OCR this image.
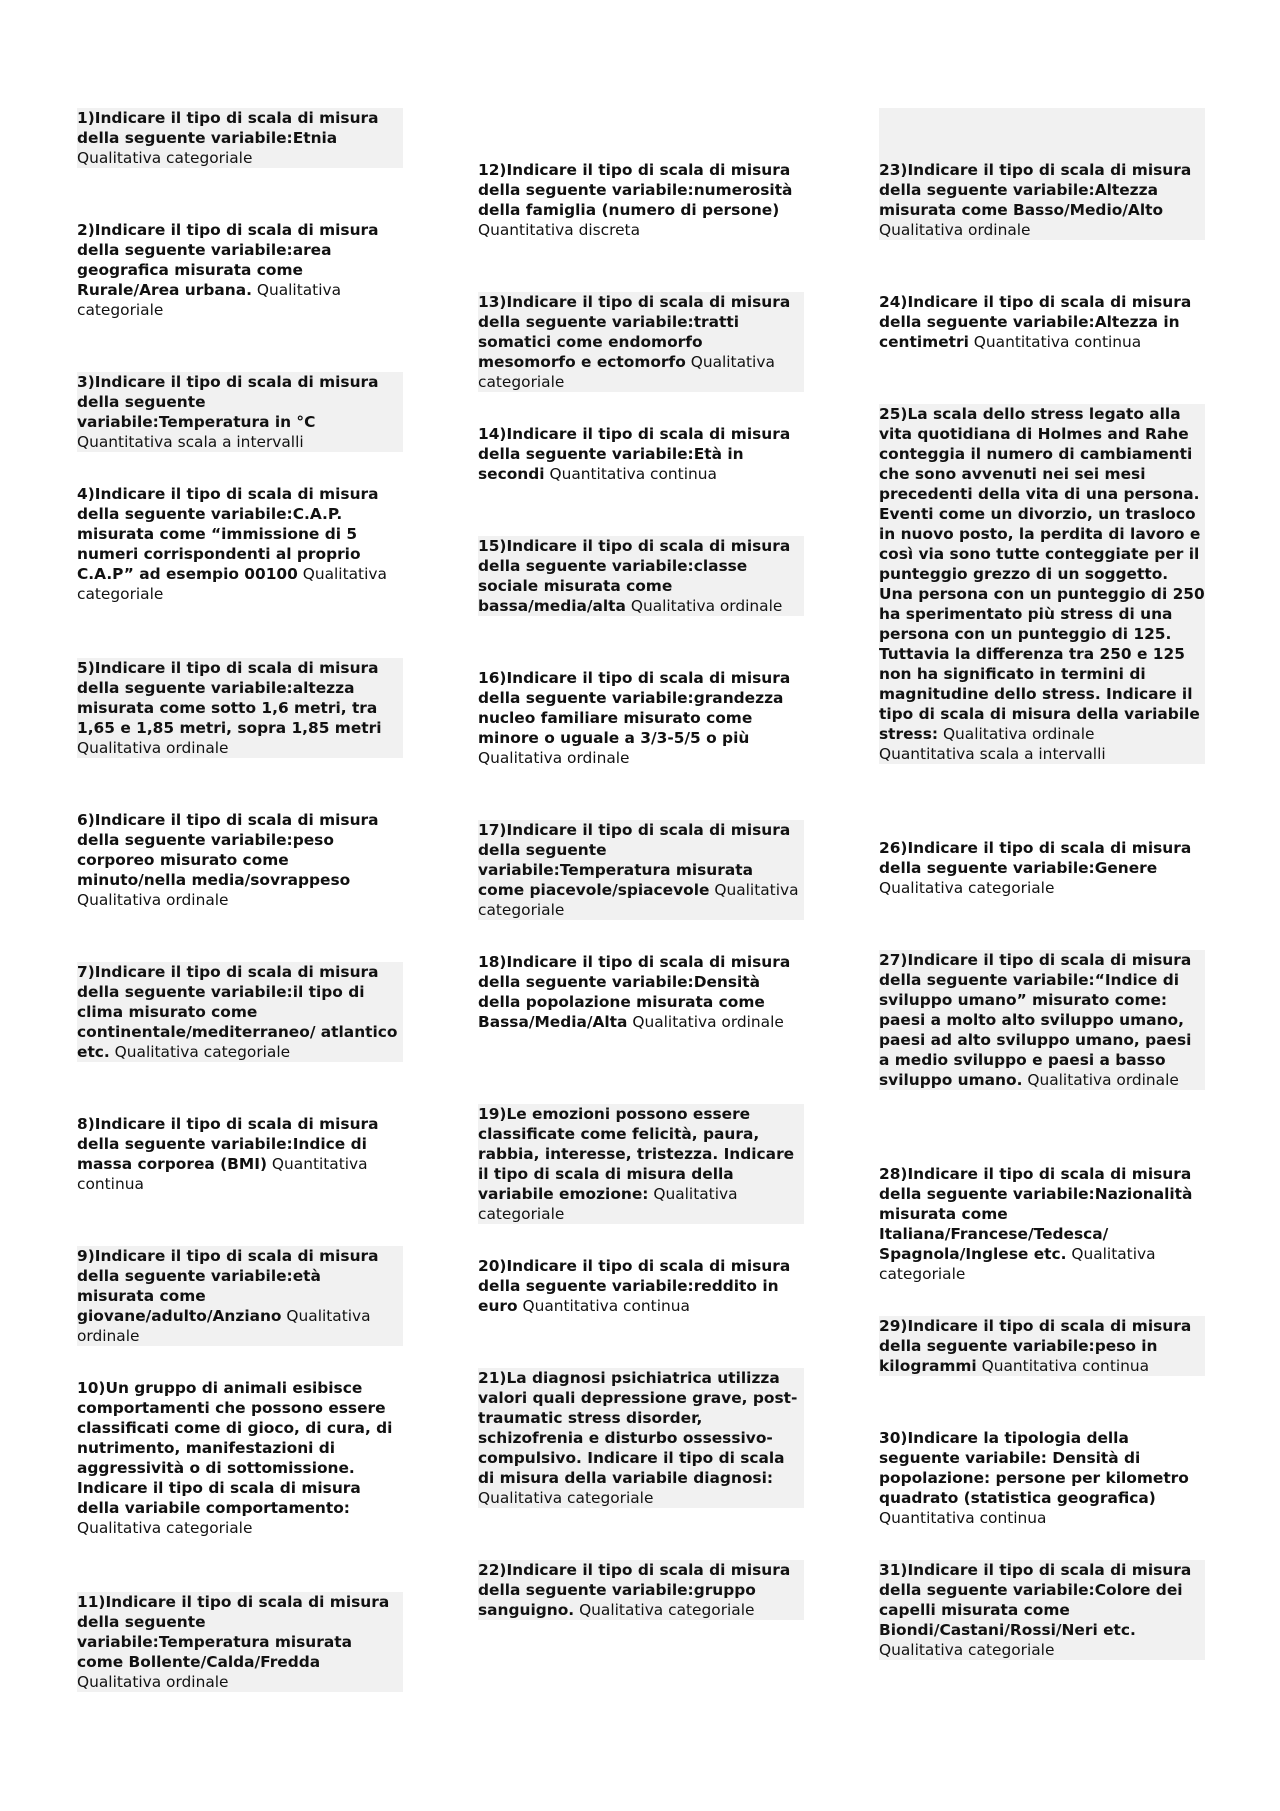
1)Indicare il tipo di scala di misura della seguente variabile:Etnia Qualitativa categoriale
2)Indicare il tipo di scala di misura della seguente variabile:area geografica misurata come Rurale/Area urbana. Qualitativa categoriale
3)Indicare il tipo di scala di misura della seguente variabile:Temperatura in °C Quantitativa scala a intervalli
4)Indicare il tipo di scala di misura della seguente variabile:C.A.P. misurata come “immissione di 5 numeri corrispondenti al proprio C.A.P” ad esempio 00100 Qualitativa categoriale
5)Indicare il tipo di scala di misura della seguente variabile:altezza misurata come sotto 1,6 metri, tra 1,65 e 1,85 metri, sopra 1,85 metri Qualitativa ordinale
6)Indicare il tipo di scala di misura della seguente variabile:peso corporeo misurato come minuto/nella media/sovrappeso Qualitativa ordinale
7)Indicare il tipo di scala di misura della seguente variabile:il tipo di clima misurato come continentale/mediterraneo/ atlantico etc. Qualitativa categoriale
8)Indicare il tipo di scala di misura della seguente variabile:Indice di massa corporea (BMI) Quantitativa continua
9)Indicare il tipo di scala di misura della seguente variabile:età misurata come giovane/adulto/Anziano Qualitativa ordinale
10)Un gruppo di animali esibisce comportamenti che possono essere classificati come di gioco, di cura, di nutrimento, manifestazioni di aggressività o di sottomissione. Indicare il tipo di scala di misura della variabile comportamento: Qualitativa categoriale
11)Indicare il tipo di scala di misura della seguente variabile:Temperatura misurata come Bollente/Calda/Fredda Qualitativa ordinale
12)Indicare il tipo di scala di misura della seguente variabile:numerosità della famiglia (numero di persone) Quantitativa discreta
13)Indicare il tipo di scala di misura della seguente variabile:tratti somatici come endomorfo mesomorfo e ectomorfo Qualitativa categoriale
14)Indicare il tipo di scala di misura della seguente variabile:Età in secondi Quantitativa continua
15)Indicare il tipo di scala di misura della seguente variabile:classe sociale misurata come bassa/media/alta Qualitativa ordinale
16)Indicare il tipo di scala di misura della seguente variabile:grandezza nucleo familiare misurato come minore o uguale a 3/3-5/5 o più Qualitativa ordinale
17)Indicare il tipo di scala di misura della seguente variabile:Temperatura misurata come piacevole/spiacevole Qualitativa categoriale
18)Indicare il tipo di scala di misura della seguente variabile:Densità della popolazione misurata come Bassa/Media/Alta Qualitativa ordinale
19)Le emozioni possono essere classificate come felicità, paura, rabbia, interesse, tristezza. Indicare il tipo di scala di misura della variabile emozione: Qualitativa categoriale
20)Indicare il tipo di scala di misura della seguente variabile:reddito in euro Quantitativa continua
21)La diagnosi psichiatrica utilizza valori quali depressione grave, post-traumatic stress disorder, schizofrenia e disturbo ossessivo-compulsivo. Indicare il tipo di scala di misura della variabile diagnosi: Qualitativa categoriale
22)Indicare il tipo di scala di misura della seguente variabile:gruppo sanguigno. Qualitativa categoriale
23)Indicare il tipo di scala di misura della seguente variabile:Altezza misurata come Basso/Medio/Alto Qualitativa ordinale
24)Indicare il tipo di scala di misura della seguente variabile:Altezza in centimetri Quantitativa continua
25)La scala dello stress legato alla vita quotidiana di Holmes and Rahe conteggia il numero di cambiamenti che sono avvenuti nei sei mesi precedenti della vita di una persona. Eventi come un divorzio, un trasloco in nuovo posto, la perdita di lavoro e così via sono tutte conteggiate per il punteggio grezzo di un soggetto. Una persona con un punteggio di 250 ha sperimentato più stress di una persona con un punteggio di 125. Tuttavia la differenza tra 250 e 125 non ha significato in termini di magnitudine dello stress. Indicare il tipo di scala di misura della variabile stress: Qualitativa ordinale
Quantitativa scala a intervalli
26)Indicare il tipo di scala di misura della seguente variabile:Genere Qualitativa categoriale
27)Indicare il tipo di scala di misura della seguente variabile:“Indice di sviluppo umano” misurato come: paesi a molto alto sviluppo umano, paesi ad alto sviluppo umano, paesi a medio sviluppo e paesi a basso sviluppo umano. Qualitativa ordinale
28)Indicare il tipo di scala di misura della seguente variabile:Nazionalità misurata come Italiana/Francese/Tedesca/ Spagnola/Inglese etc. Qualitativa categoriale
29)Indicare il tipo di scala di misura della seguente variabile:peso in kilogrammi Quantitativa continua
30)Indicare la tipologia della seguente variabile: Densità di popolazione: persone per kilometro quadrato (statistica geografica) Quantitativa continua
31)Indicare il tipo di scala di misura della seguente variabile:Colore dei capelli misurata come Biondi/Castani/Rossi/Neri etc. Qualitativa categoriale
